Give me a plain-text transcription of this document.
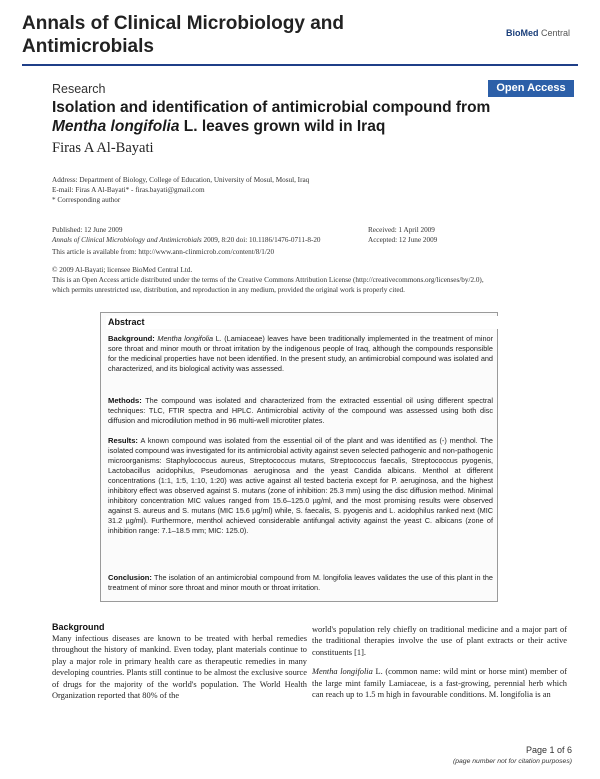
Annals of Clinical Microbiology and
Antimicrobials
BioMed Central
Research	Open Access
Isolation and identification of antimicrobial compound from
Mentha longifolia L. leaves grown wild in Iraq
Firas A Al-Bayati
Address: Department of Biology, College of Education, University of Mosul, Mosul, Iraq
E-mail: Firas A Al-Bayati* - firas.bayati@gmail.com
* Corresponding author
Published: 12 June 2009	Received: 1 April 2009
Annals of Clinical Microbiology and Antimicrobials 2009, 8:20 doi: 10.1186/1476-0711-8-20	Accepted: 12 June 2009
This article is available from: http://www.ann-clinmicrob.com/content/8/1/20
© 2009 Al-Bayati; licensee BioMed Central Ltd.

This is an Open Access article distributed under the terms of the Creative Commons Attribution License (http://creativecommons.org/licenses/by/2.0),

which permits unrestricted use, distribution, and reproduction in any medium, provided the original work is properly cited.

Abstract

Background: Mentha longifolia L. (Lamiaceae) leaves have been traditionally implemented in the treatment of minor sore throat and minor mouth or throat irritation by the indigenous people of Iraq, although the compounds responsible for the medicinal properties have not been identified. In the present study, an antimicrobial compound was isolated and characterized, and its biological activity was assessed.

Methods: The compound was isolated and characterized from the extracted essential oil using different spectral techniques: TLC, FTIR spectra and HPLC. Antimicrobial activity of the compound was assessed using both disc diffusion and microdilution method in 96 multi-well microtiter plates.

Results: A known compound was isolated from the essential oil of the plant and was identified as (-) menthol. The isolated compound was investigated for its antimicrobial activity against seven selected pathogenic and non-pathogenic microorganisms: Staphylococcus aureus, Streptococcus mutans, Streptococcus faecalis, Streptococcus pyogenis, Lactobacillus acidophilus, Pseudomonas aeruginosa and the yeast Candida albicans. Menthol at different concentrations (1:1, 1:5, 1:10, 1:20) was active against all tested bacteria except for P. aeruginosa, and the highest inhibitory effect was observed against S. mutans (zone of inhibition: 25.3 mm) using the disc diffusion method. Minimal inhibitory concentration MIC values ranged from 15.6–125.0 µg/ml, and the most promising results were observed against S. aureus and S. mutans (MIC 15.6 µg/ml) while, S. faecalis, S. pyogenis and L. acidophilus ranked next (MIC 31.2 µg/ml). Furthermore, menthol achieved considerable antifungal activity against the yeast C. albicans (zone of inhibition range: 7.1–18.5 mm; MIC: 125.0).

Conclusion: The isolation of an antimicrobial compound from M. longifolia leaves validates the use of this plant in the treatment of minor sore throat and minor mouth or throat irritation.

Background

Many infectious diseases are known to be treated with herbal remedies throughout the history of mankind. Even today, plant materials continue to play a major role in primary health care as therapeutic remedies in many developing countries. Plants still continue to be almost the exclusive source of drugs for the majority of the world's population. The World Health Organization reported that 80% of the

world's population rely chiefly on traditional medicine and a major part of the traditional therapies involve the use of plant extracts or their active constituents [1].

Mentha longifolia L. (common name: wild mint or horse mint) member of the large mint family Lamiaceae, is a fast-growing, perennial herb which can reach up to 1.5 m high in favourable conditions. M. longifolia is an

Page 1 of 6
(page number not for citation purposes)
